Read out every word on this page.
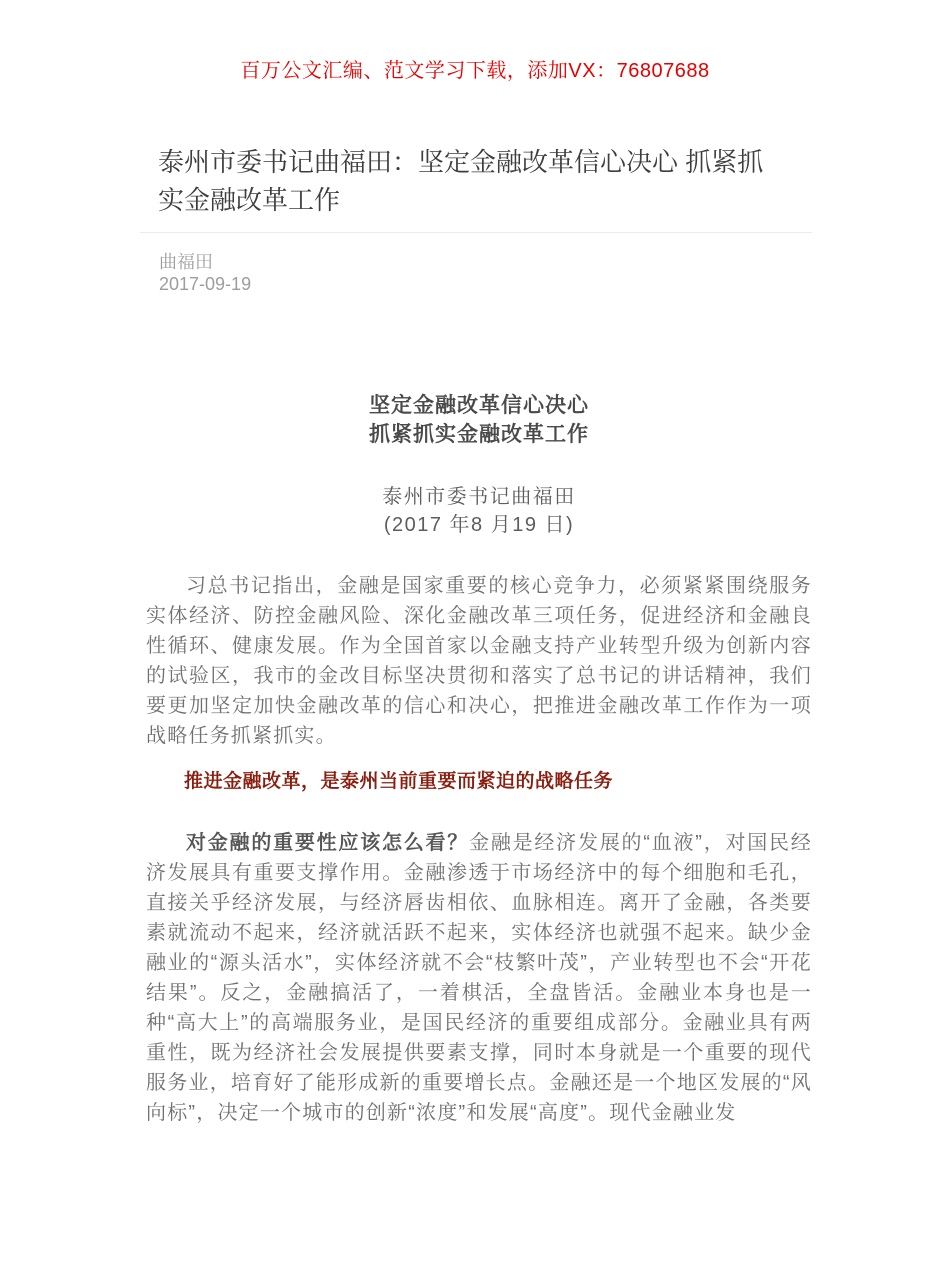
百万公文汇编、范文学习下载，添加VX：76807688
泰州市委书记曲福田：坚定金融改革信心决心 抓紧抓实金融改革工作
曲福田
2017-09-19
坚定金融改革信心决心
抓紧抓实金融改革工作
泰州市委书记曲福田
(2017 年8 月19 日)

习总书记指出，金融是国家重要的核心竞争力，必须紧紧围绕服务实体经济、防控金融风险、深化金融改革三项任务，促进经济和金融良性循环、健康发展。作为全国首家以金融支持产业转型升级为创新内容的试验区，我市的金改目标坚决贯彻和落实了总书记的讲话精神，我们要更加坚定加快金融改革的信心和决心，把推进金融改革工作作为一项战略任务抓紧抓实。

推进金融改革，是泰州当前重要而紧迫的战略任务

对金融的重要性应该怎么看？金融是经济发展的“血液”，对国民经济发展具有重要支撑作用。金融渗透于市场经济中的每个细胞和毛孔，直接关乎经济发展，与经济唇齿相依、血脉相连。离开了金融，各类要素就流动不起来，经济就活跃不起来，实体经济也就强不起来。缺少金融业的“源头活水”，实体经济就不会“枝繁叶茂”，产业转型也不会“开花结果”。反之，金融搞活了，一着棋活，全盘皆活。金融业本身也是一种“高大上”的高端服务业，是国民经济的重要组成部分。金融业具有两重性，既为经济社会发展提供要素支撑，同时本身就是一个重要的现代服务业，培育好了能形成新的重要增长点。金融还是一个地区发展的“风向标”，决定一个城市的创新“浓度”和发展“高度”。现代金融业发
